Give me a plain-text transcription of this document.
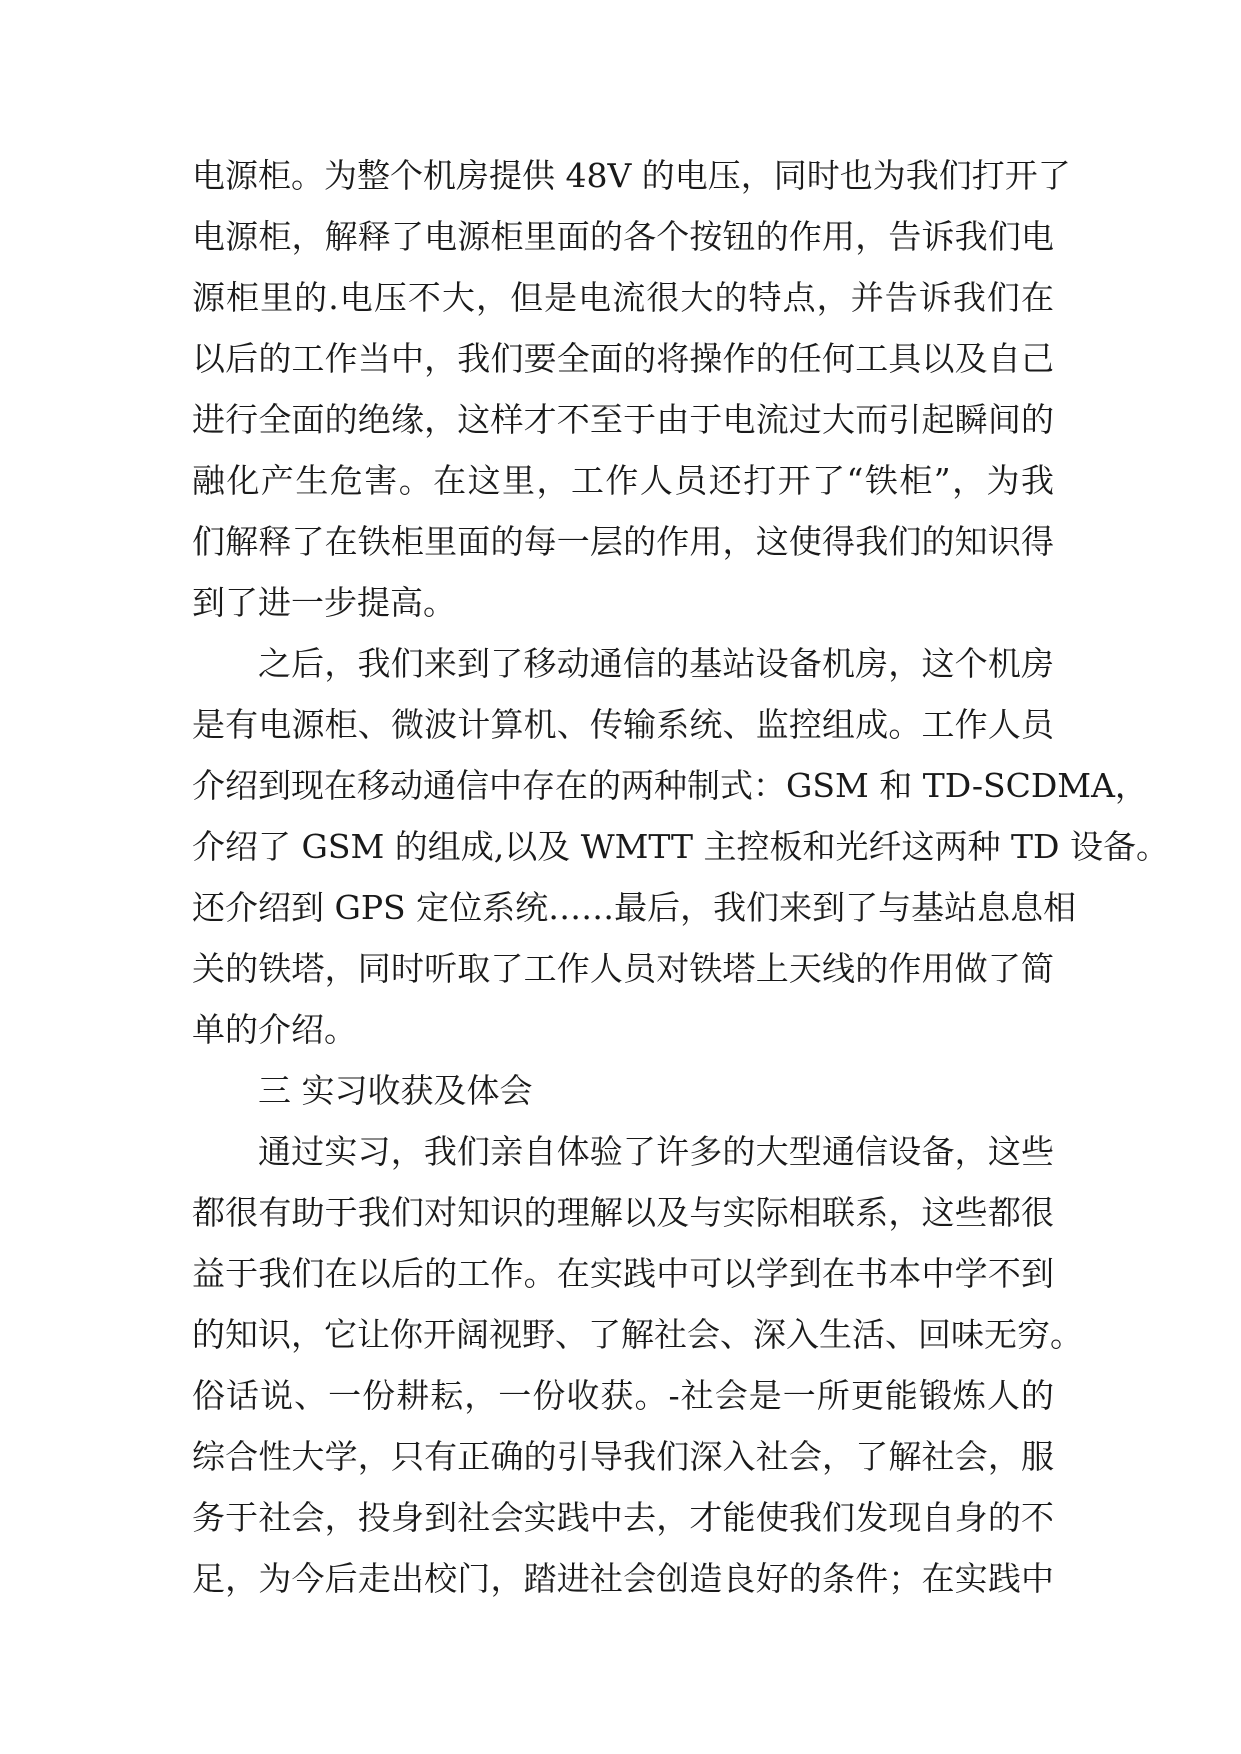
电源柜。为整个机房提供 48V 的电压，同时也为我们打开了
电源柜，解释了电源柜里面的各个按钮的作用，告诉我们电
源柜里的.电压不大，但是电流很大的特点，并告诉我们在
以后的工作当中，我们要全面的将操作的任何工具以及自己
进行全面的绝缘，这样才不至于由于电流过大而引起瞬间的
融化产生危害。在这里，工作人员还打开了“铁柜”，为我
们解释了在铁柜里面的每一层的作用，这使得我们的知识得
到了进一步提高。
之后，我们来到了移动通信的基站设备机房，这个机房
是有电源柜、微波计算机、传输系统、监控组成。工作人员
介绍到现在移动通信中存在的两种制式：GSM 和 TD-SCDMA，
介绍了 GSM 的组成,以及 WMTT 主控板和光纤这两种 TD 设备。
还介绍到 GPS 定位系统……最后，我们来到了与基站息息相
关的铁塔，同时听取了工作人员对铁塔上天线的作用做了简
单的介绍。
三 实习收获及体会
通过实习，我们亲自体验了许多的大型通信设备，这些
都很有助于我们对知识的理解以及与实际相联系，这些都很
益于我们在以后的工作。在实践中可以学到在书本中学不到
的知识，它让你开阔视野、了解社会、深入生活、回味无穷。
俗话说、一份耕耘，一份收获。-社会是一所更能锻炼人的
综合性大学，只有正确的引导我们深入社会，了解社会，服
务于社会，投身到社会实践中去，才能使我们发现自身的不
足，为今后走出校门，踏进社会创造良好的条件；在实践中
